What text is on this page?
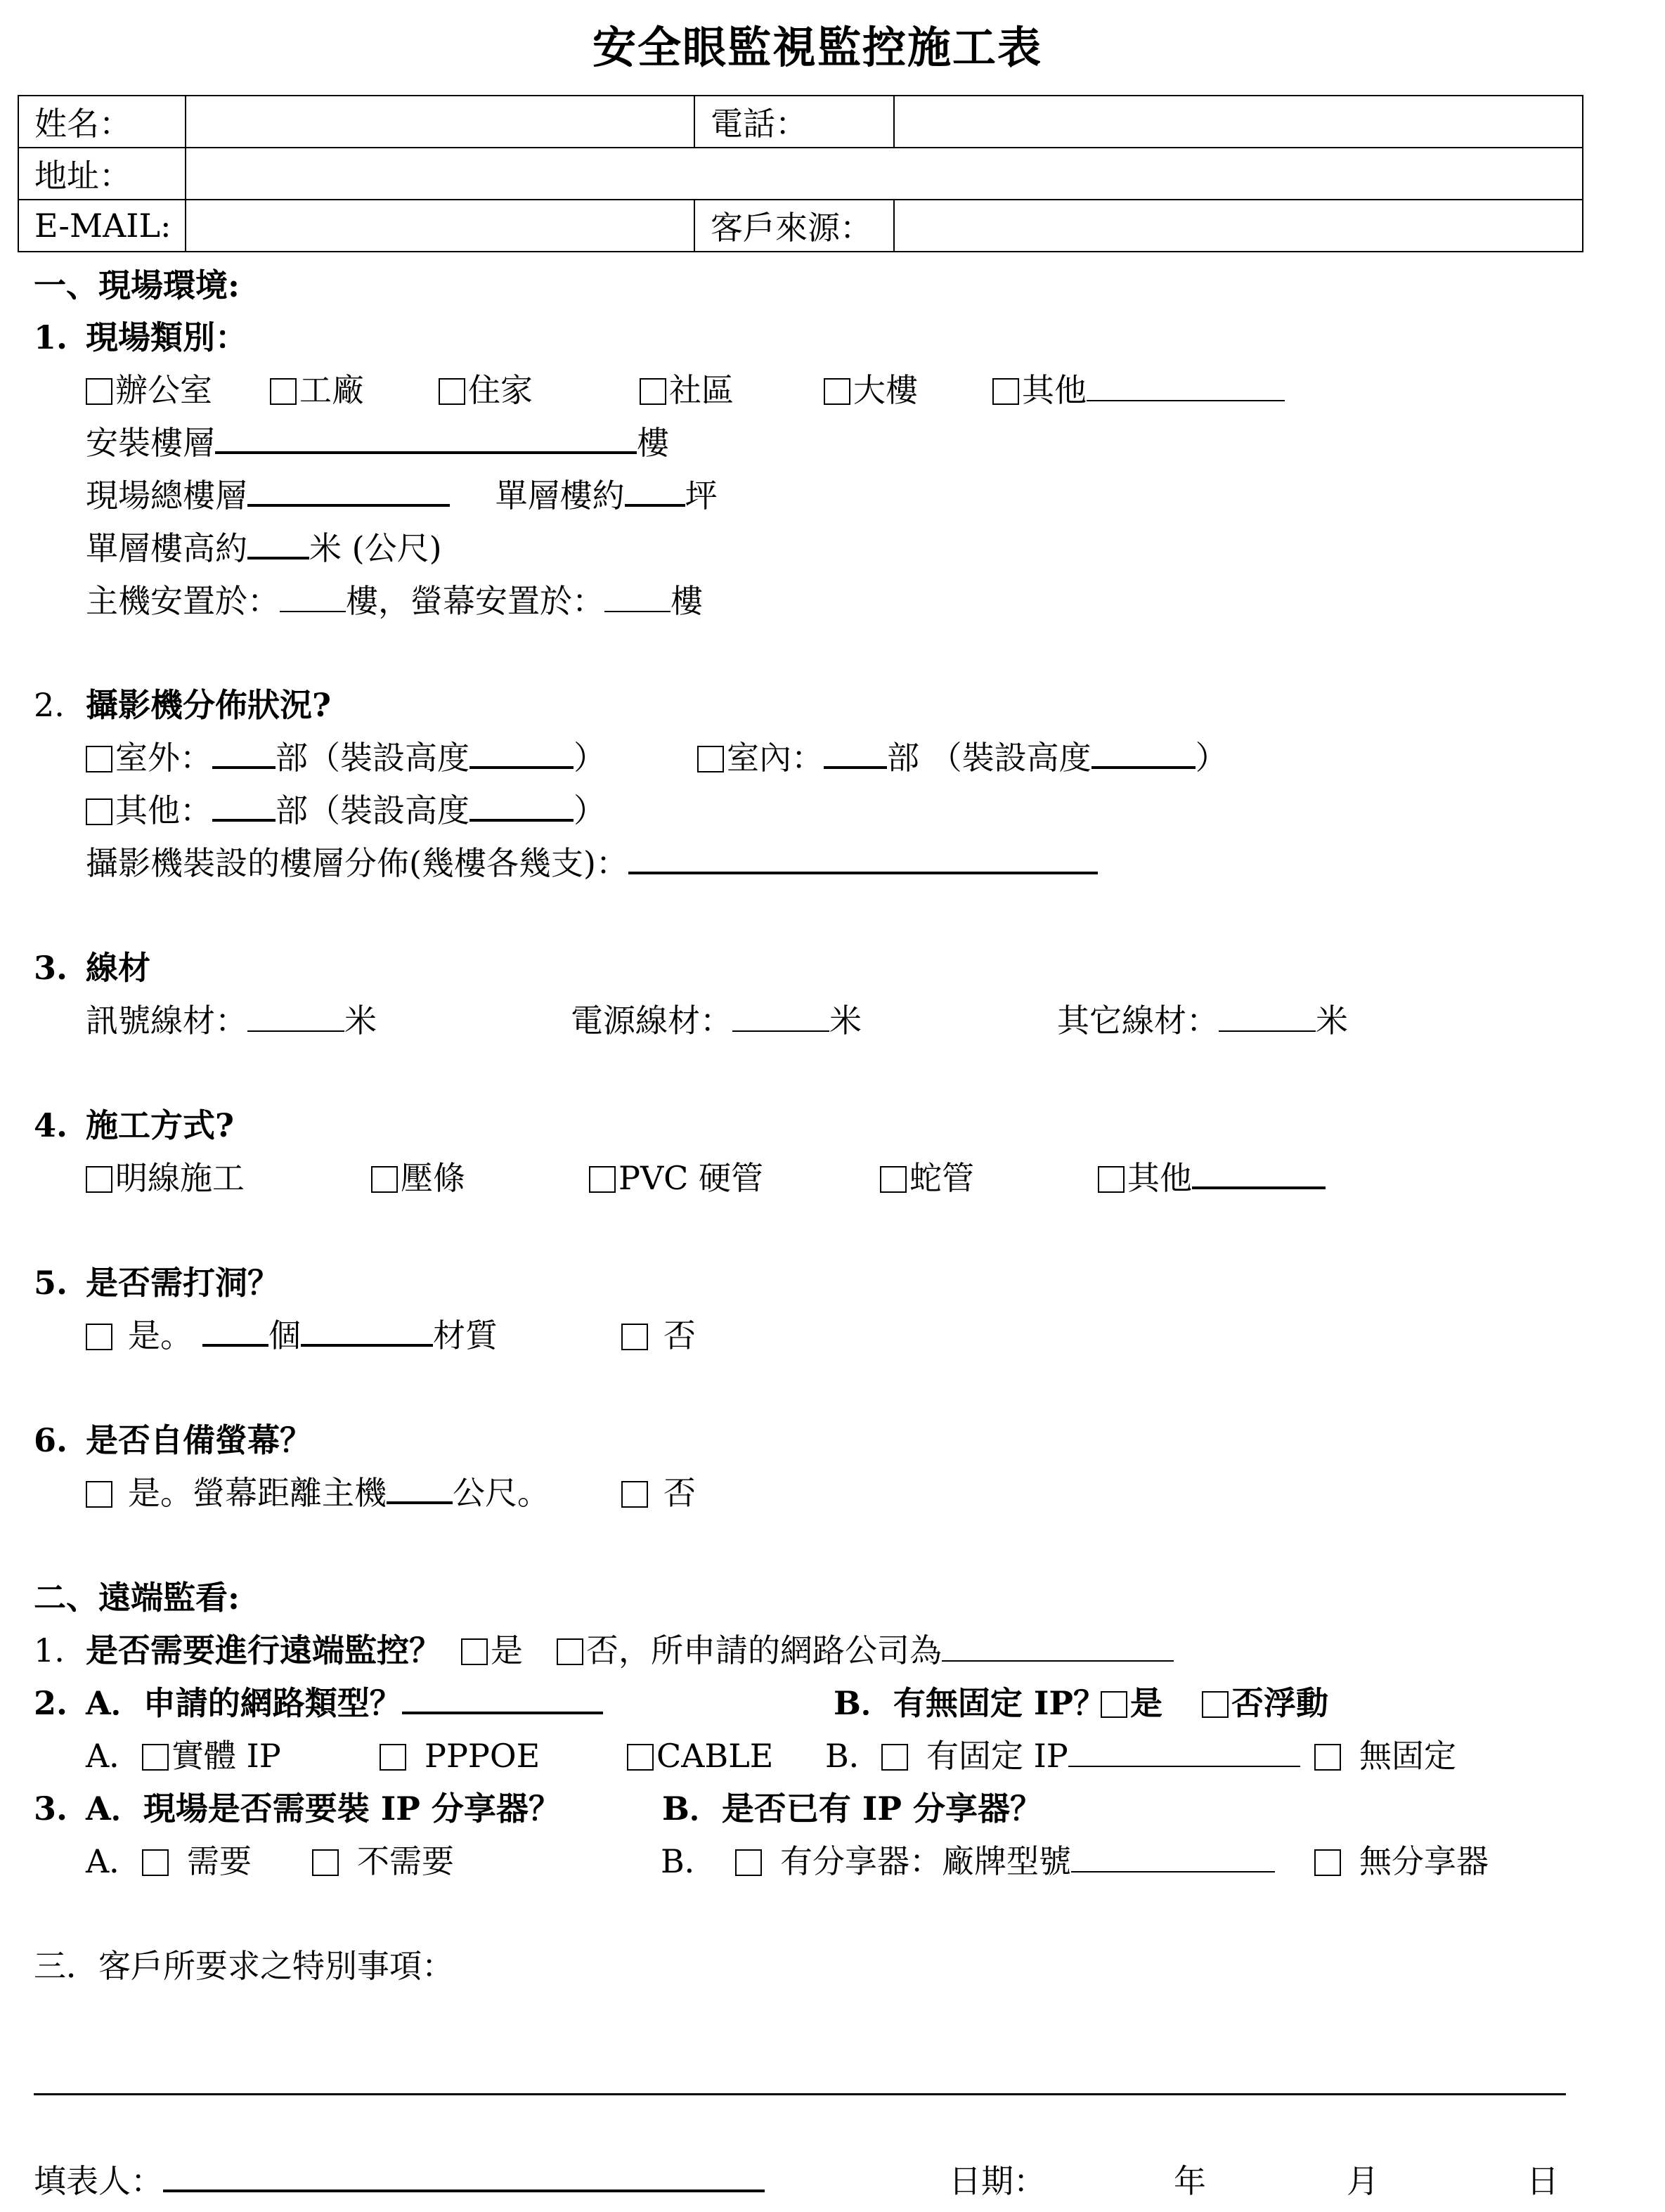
安全眼監視監控施工表
姓名：		電話：	
地址：			
E-MAIL:		客戶來源：	
一、現場環境:
1. 現場類別：
辦公室	工廠	住家	社區	大樓	其他
安裝樓層	樓
現場總樓層	單層樓約 坪
單層樓高約 米 (公尺)
主機安置於： 樓，螢幕安置於： 樓
2. 攝影機分佈狀況?
室外： 部（裝設高度	）	室內： 部 （裝設高度	）
其他： 部（裝設高度	）
攝影機裝設的樓層分佈(幾樓各幾支)：
3. 線材
訊號線材：	米	電源線材：	米	其它線材：	米
4. 施工方式?
明線施工	壓條	PVC 硬管	蛇管	其他
5. 是否需打洞？
是。	個	材質	否
6. 是否自備螢幕？
是。螢幕距離主機 公尺。	否
二、遠端監看:
1. 是否需要進行遠端監控？	是	否，所申請的網路公司為
2. A．申請的網路類型？	B．有無固定 IP？ 是	否浮動
A． 實體 IP	PPPOE	CABLE B．	有固定 IP	無固定
3. A．現場是否需要裝 IP 分享器？	B．是否已有 IP 分享器？
A．	需要	不需要	B．	有分享器：廠牌型號	無分享器
三．客戶所要求之特別事項：
填表人：	日期：	年	月	日
